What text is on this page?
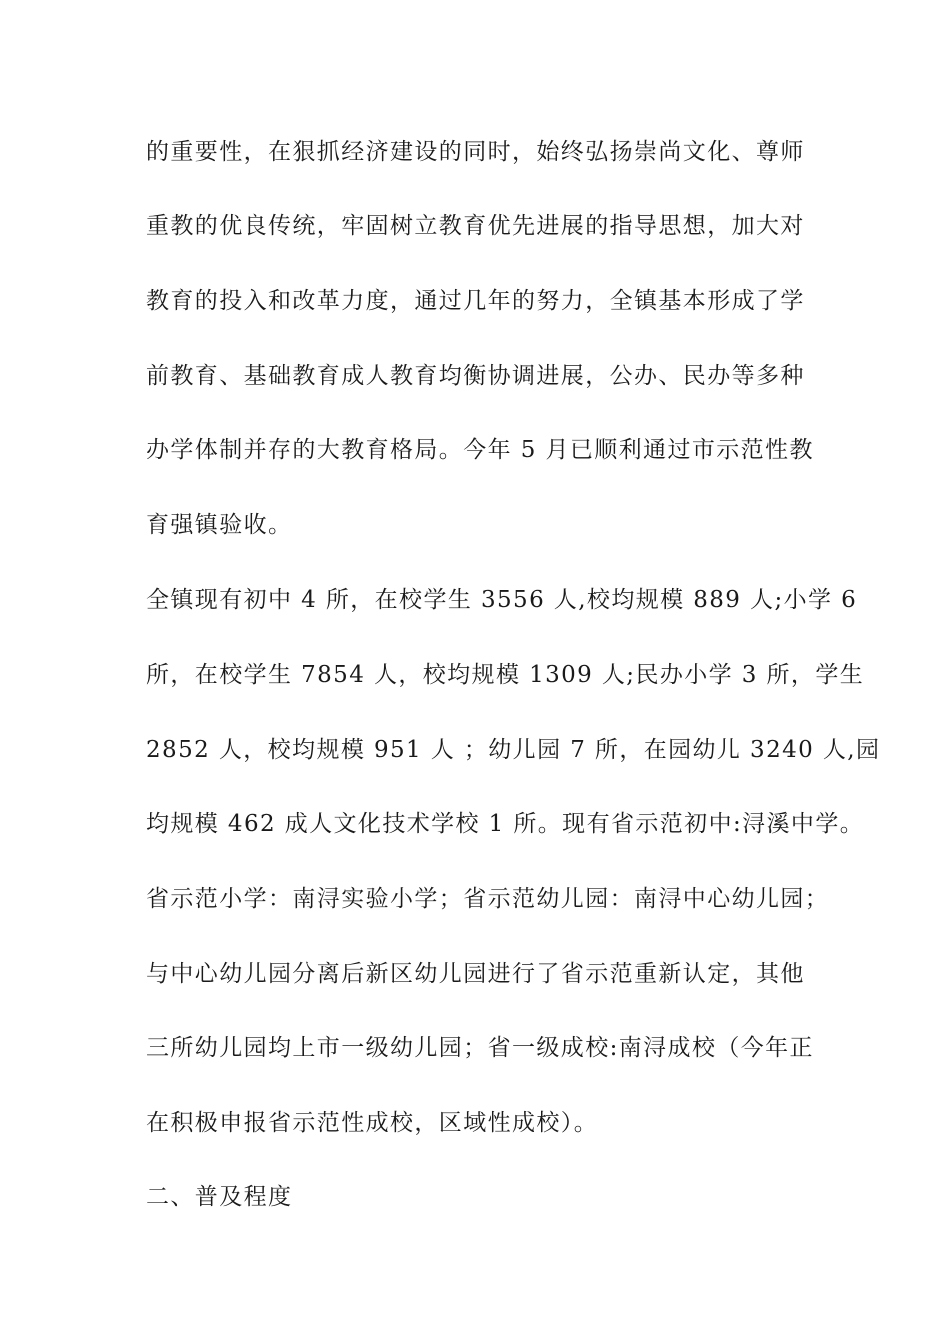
的重要性，在狠抓经济建设的同时，始终弘扬崇尚文化、尊师
重教的优良传统，牢固树立教育优先进展的指导思想，加大对
教育的投入和改革力度，通过几年的努力，全镇基本形成了学
前教育、基础教育成人教育均衡协调进展，公办、民办等多种
办学体制并存的大教育格局。今年 5 月已顺利通过市示范性教
育强镇验收。
全镇现有初中 4 所，在校学生 3556 人,校均规模 889 人;小学 6
所，在校学生 7854 人，校均规模 1309 人;民办小学 3 所，学生
2852 人，校均规模 951 人 ；幼儿园 7 所，在园幼儿 3240 人,园
均规模 462 成人文化技术学校 1 所。现有省示范初中:浔溪中学。
省示范小学：南浔实验小学；省示范幼儿园：南浔中心幼儿园；
与中心幼儿园分离后新区幼儿园进行了省示范重新认定，其他
三所幼儿园均上市一级幼儿园；省一级成校:南浔成校（今年正
在积极申报省示范性成校，区域性成校）。
二、普及程度
